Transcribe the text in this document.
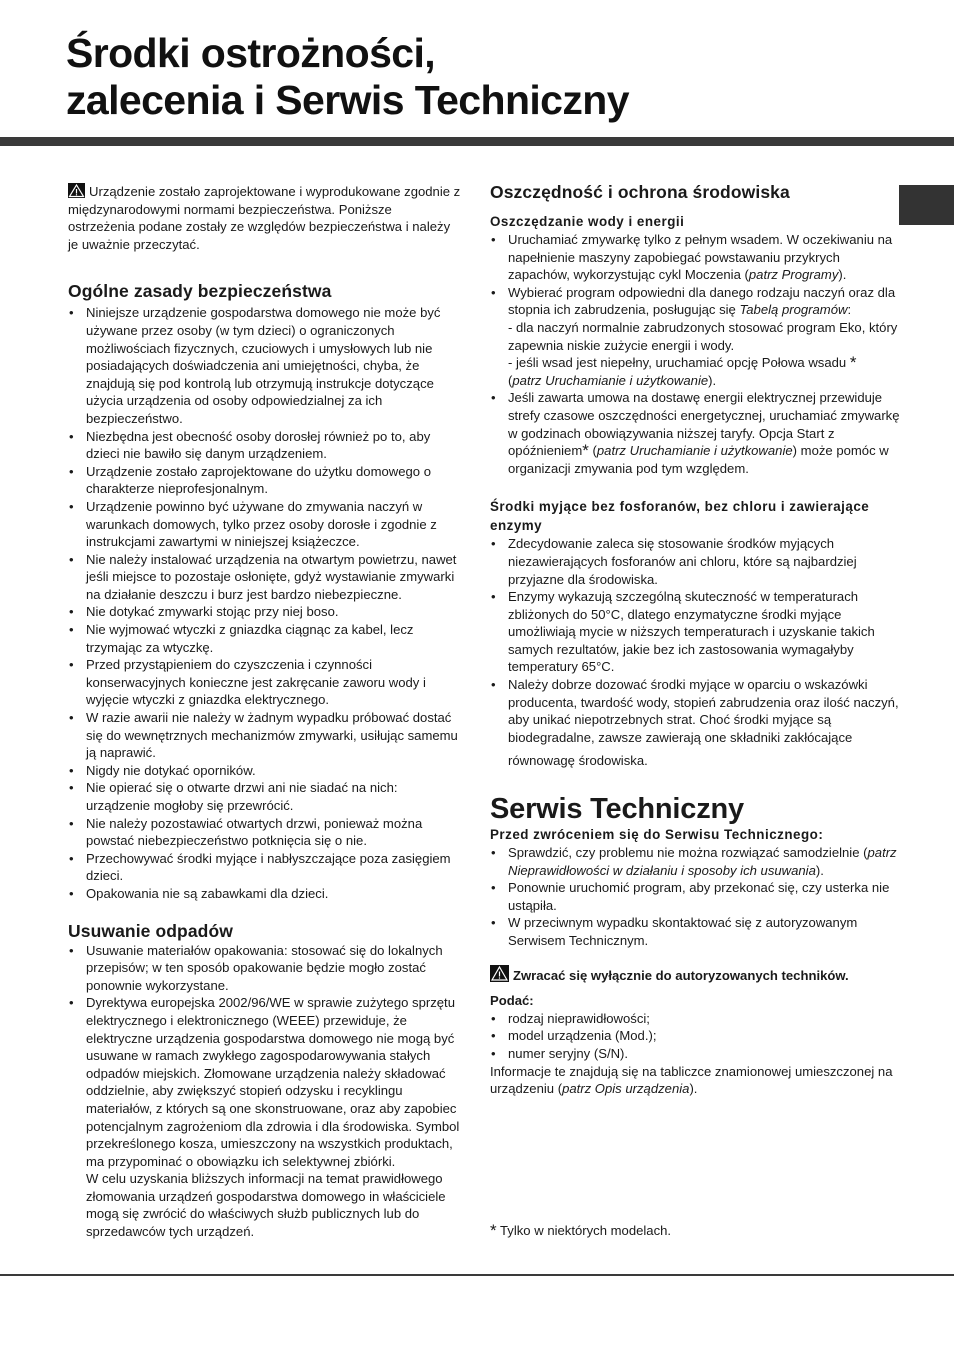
Środki ostrożności,
zalecenia i Serwis Techniczny

Urządzenie zostało zaprojektowane i wyprodukowane zgodnie z międzynarodowymi normami bezpieczeństwa. Poniższe ostrzeżenia podane zostały ze względów bezpieczeństwa i należy je uważnie przeczytać.

Ogólne zasady bezpieczeństwa
• Niniejsze urządzenie gospodarstwa domowego nie może być używane przez osoby (w tym dzieci) o ograniczonych możliwościach fizycznych, czuciowych i umysłowych lub nie posiadających doświadczenia ani umiejętności, chyba, że znajdują się pod kontrolą lub otrzymują instrukcje dotyczące użycia urządzenia od osoby odpowiedzialnej za ich bezpieczeństwo.
• Niezbędna jest obecność osoby dorosłej również po to, aby dzieci nie bawiło się danym urządzeniem.
• Urządzenie zostało zaprojektowane do użytku domowego o charakterze nieprofesjonalnym.
• Urządzenie powinno być używane do zmywania naczyń w warunkach domowych, tylko przez osoby dorosłe i zgodnie z instrukcjami zawartymi w niniejszej książeczce.
• Nie należy instalować urządzenia na otwartym powietrzu, nawet jeśli miejsce to pozostaje osłonięte, gdyż wystawianie zmywarki na działanie deszczu i burz jest bardzo niebezpieczne.
• Nie dotykać zmywarki stojąc przy niej boso.
• Nie wyjmować wtyczki z gniazdka ciągnąc za kabel, lecz trzymając za wtyczkę.
• Przed przystąpieniem do czyszczenia i czynności konserwacyjnych konieczne jest zakręcanie zaworu wody i wyjęcie wtyczki z gniazdka elektrycznego.
• W razie awarii nie należy w żadnym wypadku próbować dostać się do wewnętrznych mechanizmów zmywarki, usiłując samemu ją naprawić.
• Nigdy nie dotykać oporników.
• Nie opierać się o otwarte drzwi ani nie siadać na nich: urządzenie mogłoby się przewrócić.
• Nie należy pozostawiać otwartych drzwi, ponieważ można powstać niebezpieczeństwo potknięcia się o nie.
• Przechowywać środki myjące i nabłyszczające poza zasięgiem dzieci.
• Opakowania nie są zabawkami dla dzieci.
Usuwanie odpadów
• Usuwanie materiałów opakowania: stosować się do lokalnych przepisów; w ten sposób opakowanie będzie mogło zostać ponownie wykorzystane.
• Dyrektywa europejska 2002/96/WE w sprawie zużytego sprzętu elektrycznego i elektronicznego (WEEE) przewiduje, że elektryczne urządzenia gospodarstwa domowego nie mogą być usuwane w ramach zwykłego zagospodarowywania stałych odpadów miejskich. Złomowane urządzenia należy składować oddzielnie, aby zwiększyć stopień odzysku i recyklingu materiałów, z których są one skonstruowane, oraz aby zapobiec potencjalnym zagrożeniom dla zdrowia i dla środowiska. Symbol przekreślonego kosza, umieszczony na wszystkich produktach, ma przypominać o obowiązku ich selektywnej zbiórki.

W celu uzyskania bliższych informacji na temat prawidłowego złomowania urządzeń gospodarstwa domowego in właściciele mogą się zwrócić do właściwych służb publicznych lub do sprzedawców tych urządzeń.

Oszczędność i ochrona środowiska
Oszczędzanie wody i energii
• Uruchamiać zmywarkę tylko z pełnym wsadem. W oczekiwaniu na napełnienie maszyny zapobiegać powstawaniu przykrych zapachów, wykorzystując cykl Moczenia (patrz Programy).
• Wybierać program odpowiedni dla danego rodzaju naczyń oraz dla stopnia ich zabrudzenia, posługując się Tabelą programów:
- dla naczyń normalnie zabrudzonych stosować program Eko, który zapewnia niskie zużycie energii i wody.
- jeśli wsad jest niepełny, uruchamiać opcję Połowa wsadu *
(patrz Uruchamianie i użytkowanie).
• Jeśli zawarta umowa na dostawę energii elektrycznej przewiduje strefy czasowe oszczędności energetycznej, uruchamiać zmywarkę w godzinach obowiązywania niższej taryfy. Opcja Start z opóźnieniem* (patrz Uruchamianie i użytkowanie) może pomóc w organizacji zmywania pod tym względem.
Środki myjące bez fosforanów, bez chloru i zawierające enzymy
• Zdecydowanie zaleca się stosowanie środków myjących niezawierających fosforanów ani chloru, które są najbardziej przyjazne dla środowiska.
• Enzymy wykazują szczególną skuteczność w temperaturach zbliżonych do 50°C, dlatego enzymatyczne środki myjące umożliwiają mycie w niższych temperaturach i uzyskanie takich samych rezultatów, jakie bez ich zastosowania wymagałyby temperatury 65°C.
• Należy dobrze dozować środki myjące w oparciu o wskazówki producenta, twardość wody, stopień zabrudzenia oraz ilość naczyń, aby unikać niepotrzebnych strat. Choć środki myjące są biodegradalne, zawsze zawierają one składniki zakłócające

równowagę środowiska.

Serwis Techniczny
Przed zwróceniem się do Serwisu Technicznego:
• Sprawdzić, czy problemu nie można rozwiązać samodzielnie (patrz Nieprawidłowości w działaniu i sposoby ich usuwania).
• Ponownie uruchomić program, aby przekonać się, czy usterka nie ustąpiła.
• W przeciwnym wypadku skontaktować się z autoryzowanym Serwisem Technicznym.

Zwracać się wyłącznie do autoryzowanych techników.

Podać:

• rodzaj nieprawidłowości;
• model urządzenia (Mod.);
• numer seryjny (S/N).

Informacje te znajdują się na tabliczce znamionowej umieszczonej na urządzeniu (patrz Opis urządzenia).

* Tylko w niektórych modelach.
